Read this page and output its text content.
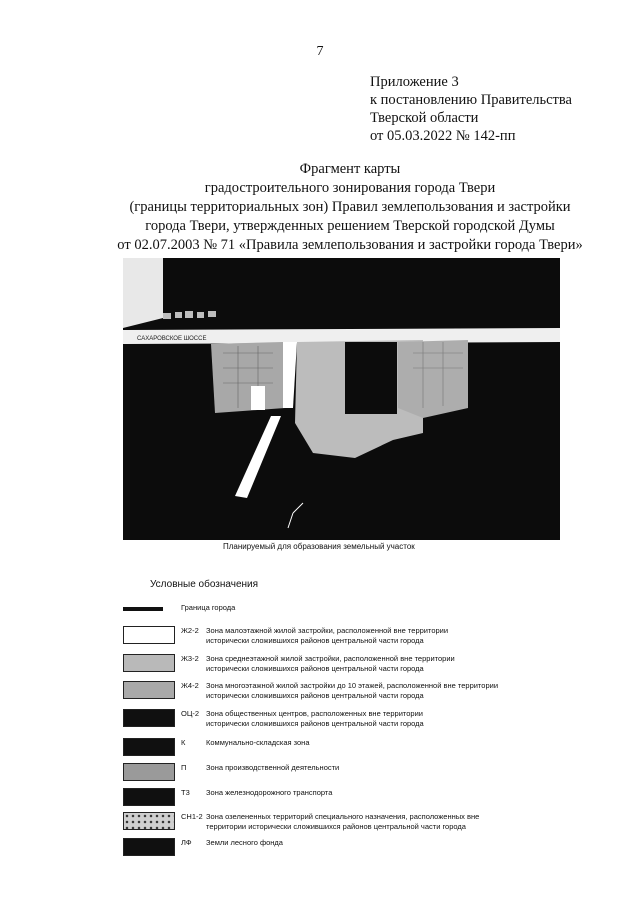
7
Приложение 3
к постановлению Правительства
Тверской области
от 05.03.2022 № 142-пп
Фрагмент карты
градостроительного зонирования города Твери
(границы территориальных зон) Правил землепользования и застройки
города Твери, утвержденных решением Тверской городской Думы
от 02.07.2003 № 71 «Правила землепользования и застройки города Твери»
САХАРОВСКОЕ ШОССЕ
Планируемый для образования земельный участок
Условные обозначения
Граница города
Ж2-2 Зона малоэтажной жилой застройки, расположенной вне территории
исторически сложившихся районов центральной части города
Ж3-2 Зона среднеэтажной жилой застройки, расположенной вне территории
исторически сложившихся районов центральной части города
Ж4-2 Зона многоэтажной жилой застройки до 10 этажей, расположенной вне территории
исторически сложившихся районов центральной части города
ОЦ-2 Зона общественных центров, расположенных вне территории
исторически сложившихся районов центральной части города
К	Коммунально-складская зона
П	Зона производственной деятельности
Т3 Зона железнодорожного транспорта
СН1-2 Зона озелененных территорий специального назначения, расположенных вне
территории исторически сложившихся районов центральной части города
ЛФ Земли лесного фонда
